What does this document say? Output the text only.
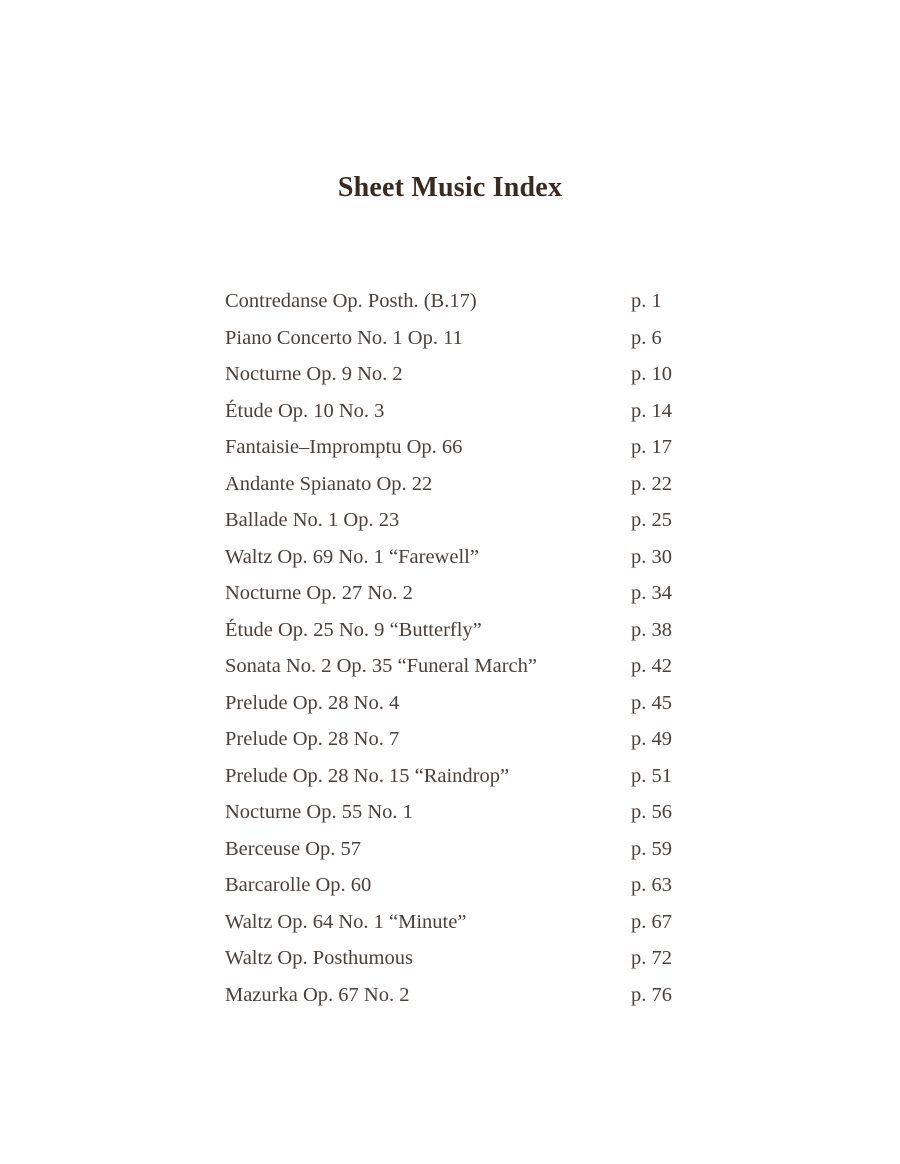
Sheet Music Index
Contredanse Op. Posth. (B.17)	p. 1
Piano Concerto No. 1 Op. 11	p. 6
Nocturne Op. 9 No. 2	p. 10
Étude Op. 10 No. 3	p. 14
Fantaisie–Impromptu Op. 66	p. 17
Andante Spianato Op. 22	p. 22
Ballade No. 1 Op. 23	p. 25
Waltz Op. 69 No. 1 “Farewell”	p. 30
Nocturne Op. 27 No. 2	p. 34
Étude Op. 25 No. 9 “Butterfly”	p. 38
Sonata No. 2 Op. 35 “Funeral March”	p. 42
Prelude Op. 28 No. 4	p. 45
Prelude Op. 28 No. 7	p. 49
Prelude Op. 28 No. 15 “Raindrop”	p. 51
Nocturne Op. 55 No. 1	p. 56
Berceuse Op. 57	p. 59
Barcarolle Op. 60	p. 63
Waltz Op. 64 No. 1 “Minute”	p. 67
Waltz Op. Posthumous	p. 72
Mazurka Op. 67 No. 2	p. 76
